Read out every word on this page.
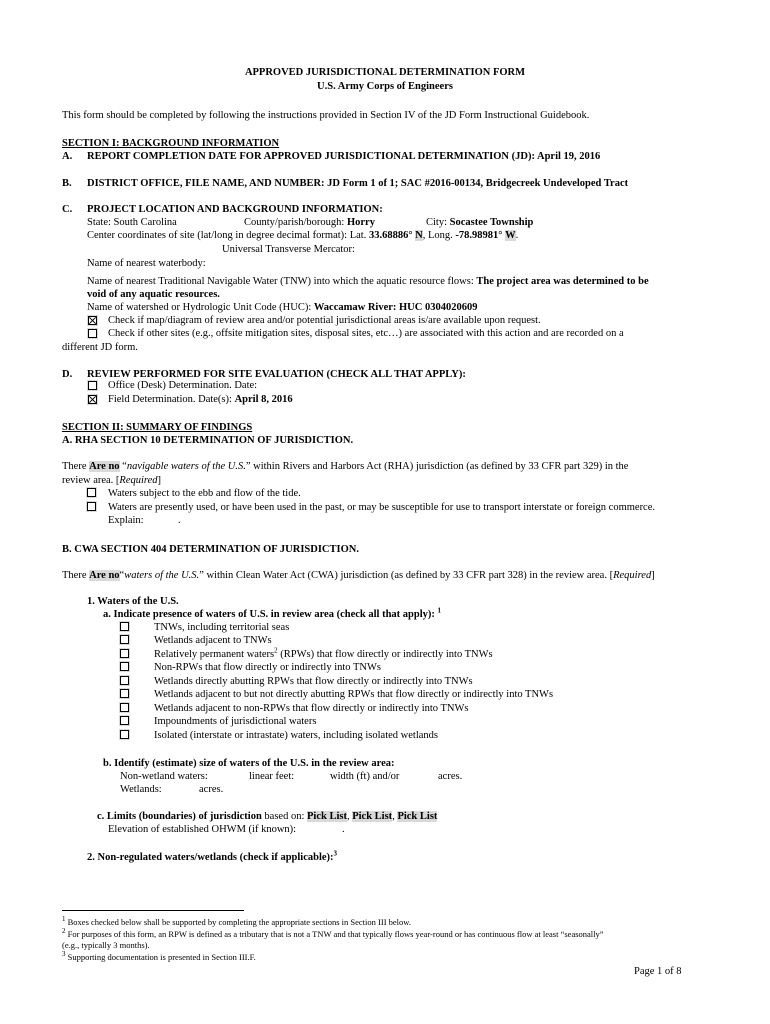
APPROVED JURISDICTIONAL DETERMINATION FORM
U.S. Army Corps of Engineers
This form should be completed by following the instructions provided in Section IV of the JD Form Instructional Guidebook.
SECTION I: BACKGROUND INFORMATION
A. REPORT COMPLETION DATE FOR APPROVED JURISDICTIONAL DETERMINATION (JD): April 19, 2016
B. DISTRICT OFFICE, FILE NAME, AND NUMBER: JD Form 1 of 1; SAC #2016-00134, Bridgecreek Undeveloped Tract
C. PROJECT LOCATION AND BACKGROUND INFORMATION:
State: South Carolina	County/parish/borough: Horry	City: Socastee Township
Center coordinates of site (lat/long in degree decimal format): Lat. 33.68886° N, Long. -78.98981° W.
Universal Transverse Mercator:
Name of nearest waterbody:
Name of nearest Traditional Navigable Water (TNW) into which the aquatic resource flows: The project area was determined to be
void of any aquatic resources.
Name of watershed or Hydrologic Unit Code (HUC): Waccamaw River: HUC 0304020609
Check if map/diagram of review area and/or potential jurisdictional areas is/are available upon request.
Check if other sites (e.g., offsite mitigation sites, disposal sites, etc…) are associated with this action and are recorded on a
different JD form.
D. REVIEW PERFORMED FOR SITE EVALUATION (CHECK ALL THAT APPLY):
Office (Desk) Determination. Date:
Field Determination. Date(s): April 8, 2016
SECTION II: SUMMARY OF FINDINGS
A. RHA SECTION 10 DETERMINATION OF JURISDICTION.
There Are no “navigable waters of the U.S.” within Rivers and Harbors Act (RHA) jurisdiction (as defined by 33 CFR part 329) in the
review area. [Required]
Waters subject to the ebb and flow of the tide.
Waters are presently used, or have been used in the past, or may be susceptible for use to transport interstate or foreign commerce.
Explain:	.
B. CWA SECTION 404 DETERMINATION OF JURISDICTION.
There Are no“waters of the U.S.” within Clean Water Act (CWA) jurisdiction (as defined by 33 CFR part 328) in the review area. [Required]
1. Waters of the U.S.
a. Indicate presence of waters of U.S. in review area (check all that apply): $^1$
TNWs, including territorial seas
Wetlands adjacent to TNWs
Relatively permanent waters$^2$ (RPWs) that flow directly or indirectly into TNWs
Non-RPWs that flow directly or indirectly into TNWs
Wetlands directly abutting RPWs that flow directly or indirectly into TNWs
Wetlands adjacent to but not directly abutting RPWs that flow directly or indirectly into TNWs
Wetlands adjacent to non-RPWs that flow directly or indirectly into TNWs
Impoundments of jurisdictional waters
Isolated (interstate or intrastate) waters, including isolated wetlands
b. Identify (estimate) size of waters of the U.S. in the review area:
Non-wetland waters:	linear feet:	width (ft) and/or	acres.
Wetlands:	acres.
c. Limits (boundaries) of jurisdiction based on: Pick List, Pick List, Pick List
Elevation of established OHWM (if known):	.
2. Non-regulated waters/wetlands (check if applicable):$^3$
$^1$ Boxes checked below shall be supported by completing the appropriate sections in Section III below.
$^2$ For purposes of this form, an RPW is defined as a tributary that is not a TNW and that typically flows year-round or has continuous flow at least “seasonally”
(e.g., typically 3 months).
$^3$ Supporting documentation is presented in Section III.F.
Page 1 of 8
